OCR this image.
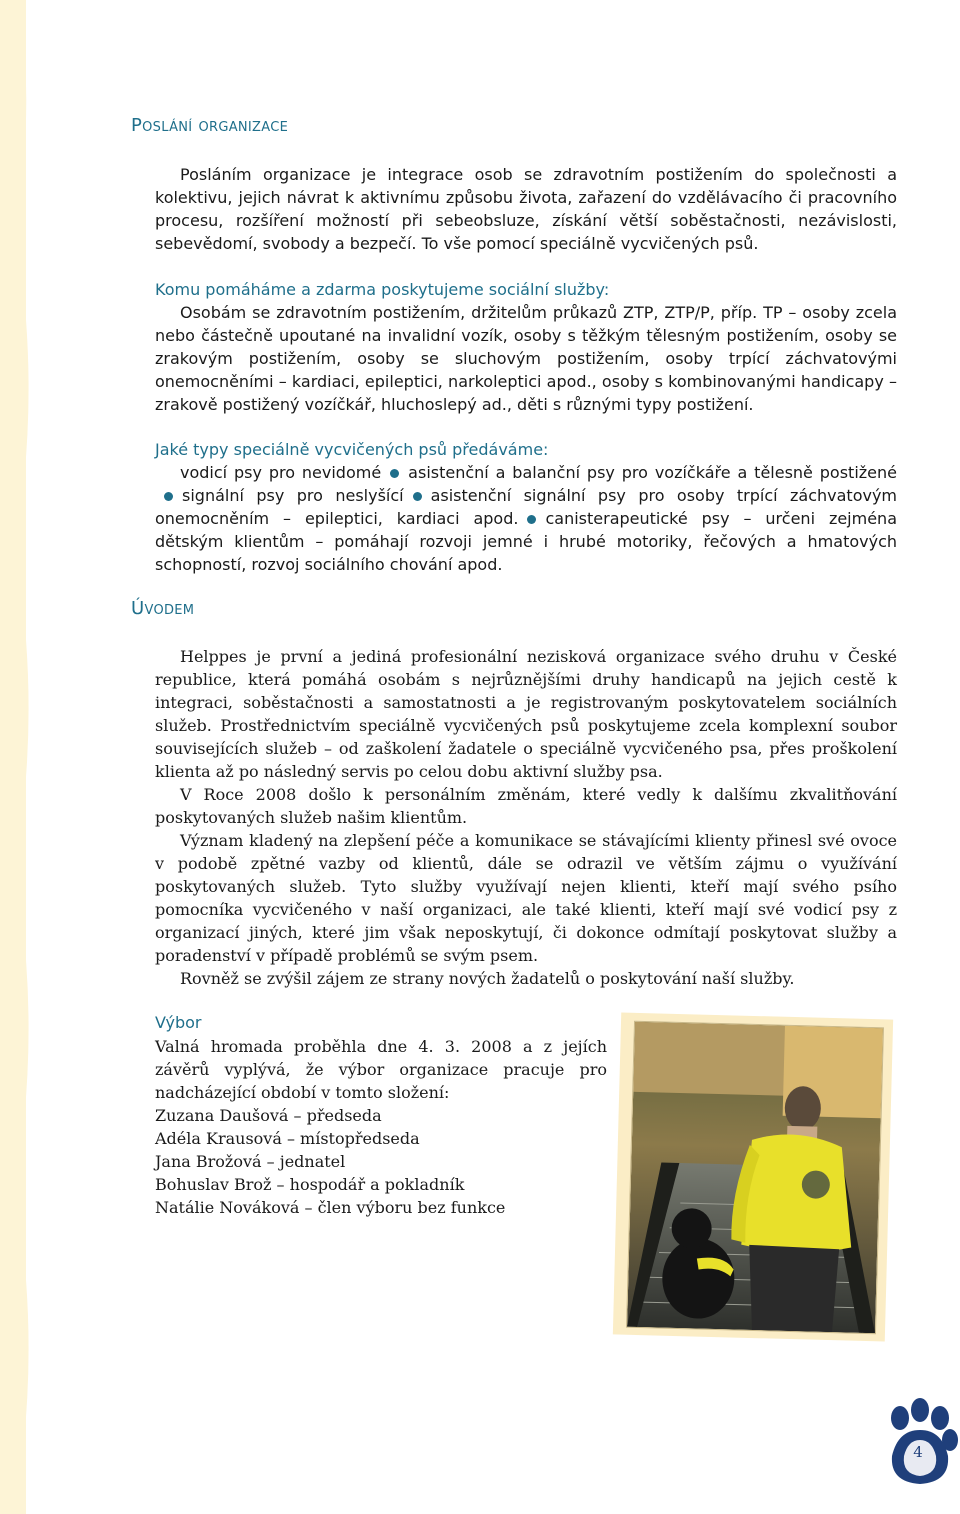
Poslání organizace

Posláním organizace je integrace osob se zdravotním postižením do společnosti a kolektivu, jejich návrat k aktivnímu způsobu života, zařazení do vzdělávacího či pracovního procesu, rozšíření možností při sebeobsluze, získání větší soběstačnosti, nezávislosti, sebevědomí, svobody a bezpečí. To vše pomocí speciálně vycvičených psů.

Komu pomáháme a zdarma poskytujeme sociální služby:

Osobám se zdravotním postižením, držitelům průkazů ZTP, ZTP/P, příp. TP – osoby zcela nebo částečně upoutané na invalidní vozík, osoby s těžkým tělesným postižením, osoby se zrakovým postižením, osoby se sluchovým postižením, osoby trpící záchvatovými onemocněními – kardiaci, epileptici, narkoleptici apod., osoby s kombinovanými handicapy – zrakově postižený vozíčkář, hluchoslepý ad., děti s různými typy postižení.

Jaké typy speciálně vycvičených psů předáváme:

vodicí psy pro nevidomé asistenční a balanční psy pro vozíčkáře a tělesně postiženésignální psy pro neslyšící asistenční signální psy pro osoby trpící záchvatovým onemocněním – epileptici, kardiaci apod. canisterapeutické psy – určeni zejména dětským klientům – pomáhají rozvoji jemné i hrubé motoriky, řečových a hmatových schopností, rozvoj sociálního chování apod.

Úvodem

Helppes je první a jediná profesionální nezisková organizace svého druhu v České republice, která pomáhá osobám s nejrůznějšími druhy handicapů na jejich cestě k integraci, soběstačnosti a samostatnosti a je registrovaným poskytovatelem sociálních služeb. Prostřednictvím speciálně vycvičených psů poskytujeme zcela komplexní soubor souvisejících služeb – od zaškolení žadatele o speciálně vycvičeného psa, přes proškolení klienta až po následný servis po celou dobu aktivní služby psa.

V Roce 2008 došlo k personálním změnám, které vedly k dalšímu zkvalitňování poskytovaných služeb našim klientům.

Význam kladený na zlepšení péče a komunikace se stávajícími klienty přinesl své ovoce v podobě zpětné vazby od klientů, dále se odrazil ve větším zájmu o využívání poskytovaných služeb. Tyto služby využívají nejen klienti, kteří mají svého psího pomocníka vycvičeného v naší organizaci, ale také klienti, kteří mají své vodicí psy z organizací jiných, které jim však neposkytují, či dokonce odmítají poskytovat služby a poradenství v případě problémů se svým psem.

Rovněž se zvýšil zájem ze strany nových žadatelů o poskytování naší služby.

Výbor

Valná hromada proběhla dne 4. 3. 2008 a z jejích závěrů vyplývá, že výbor organizace pracuje pro nadcházející období v tomto složení:

Zuzana Daušová – předseda

Adéla Krausová – místopředseda

Jana Brožová – jednatel

Bohuslav Brož – hospodář a pokladník

Natálie Nováková – člen výboru bez funkce

4
